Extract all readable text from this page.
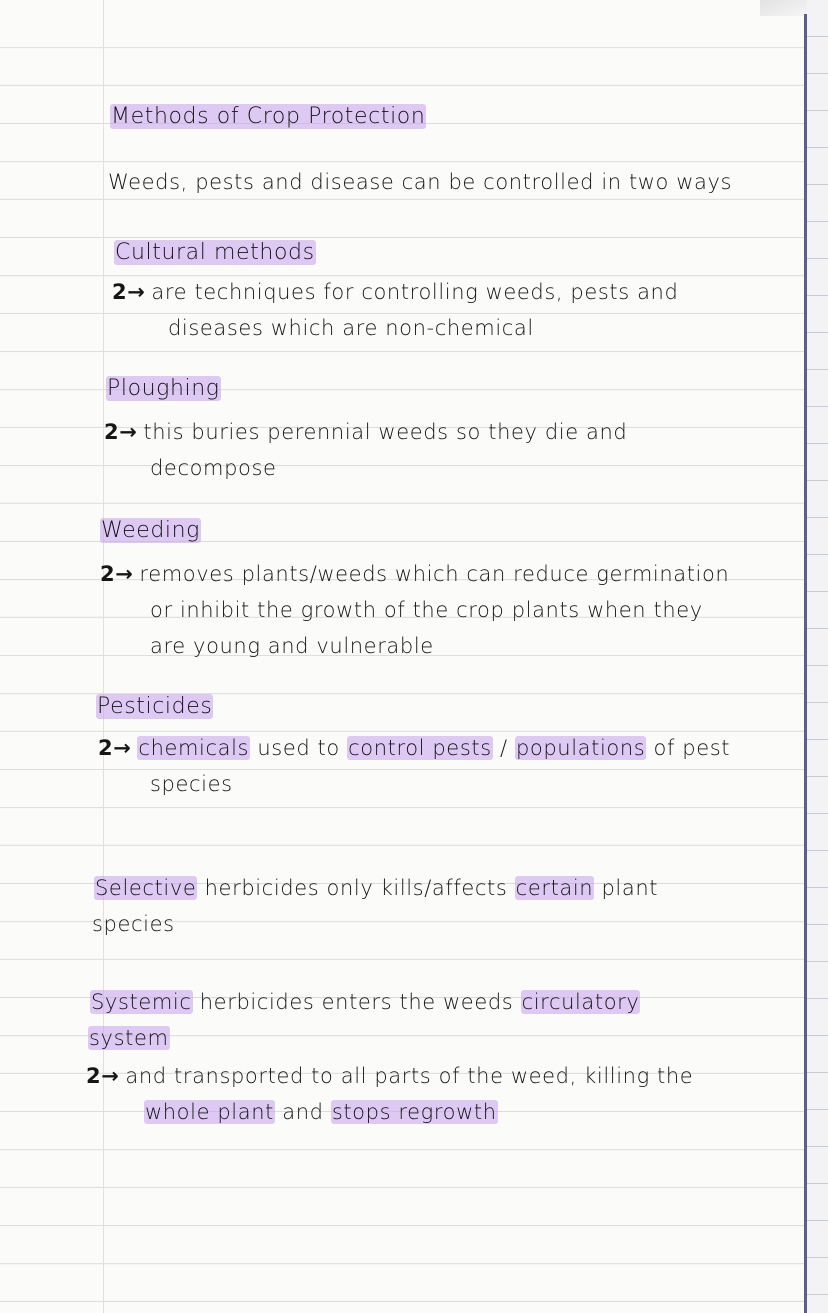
Methods of Crop Protection
Weeds, pests and disease can be controlled in two ways
Cultural methods
2→ are techniques for controlling weeds, pests and
diseases which are non-chemical
Ploughing
2→ this buries perennial weeds so they die and
decompose
Weeding
2→ removes plants/weeds which can reduce germination
or inhibit the growth of the crop plants when they
are young and vulnerable
Pesticides
2→ chemicals used to control pests / populations of pest
species
Selective herbicides only kills/affects certain plant
species
Systemic herbicides enters the weeds circulatory
system
2→ and transported to all parts of the weed, killing the
whole plant and stops regrowth
